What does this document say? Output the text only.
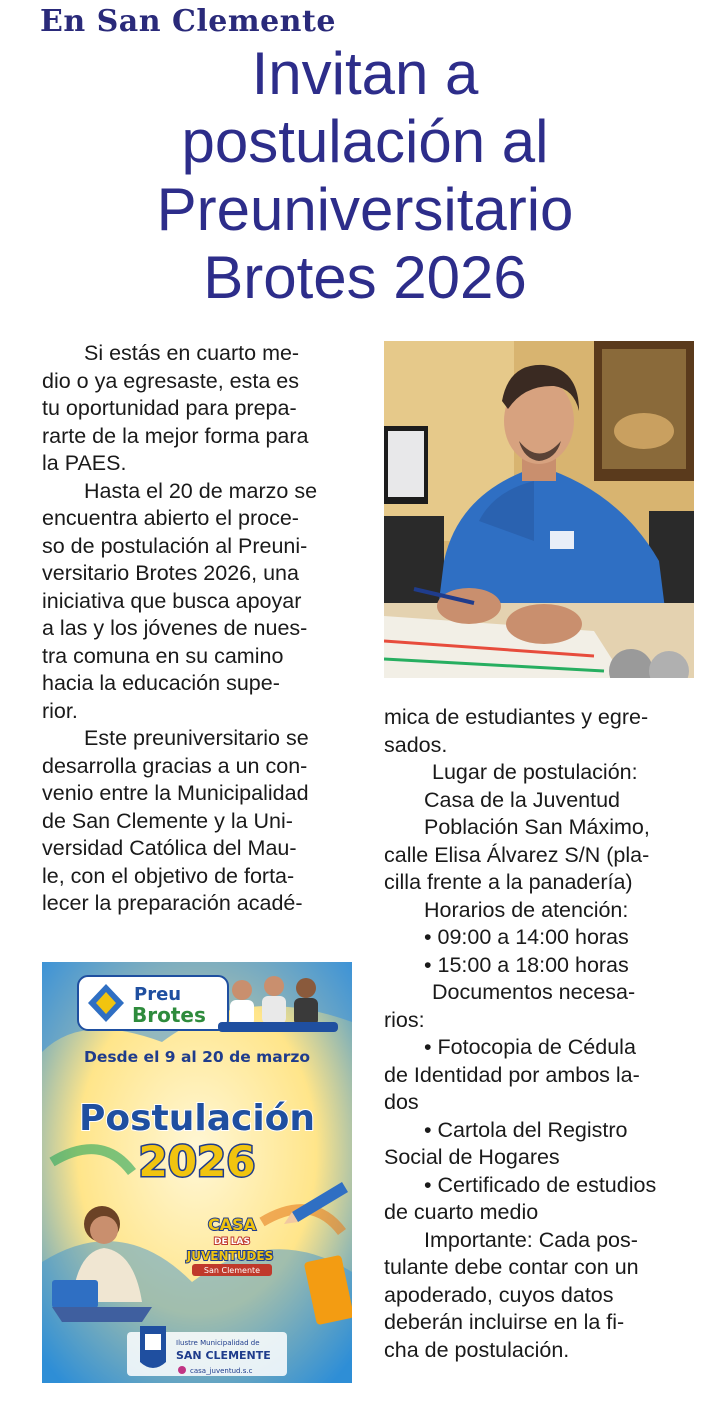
En San Clemente
Invitan a
postulación al
Preuniversitario
Brotes 2026

Si estás en cuarto me-
dio o ya egresaste, esta es
tu oportunidad para prepa-
rarte de la mejor forma para
la PAES.

Hasta el 20 de marzo se
encuentra abierto el proce-
so de postulación al Preuni-
versitario Brotes 2026, una
iniciativa que busca apoyar
a las y los jóvenes de nues-
tra comuna en su camino
hacia la educación supe-
rior.

Este preuniversitario se
desarrolla gracias a un con-
venio entre la Municipalidad
de San Clemente y la Uni-
versidad Católica del Mau-
le, con el objetivo de forta-
lecer la preparación acadé-

mica de estudiantes y egre-
sados.

Lugar de postulación:
Casa de la Juventud
Población San Máximo,
calle Elisa Álvarez S/N (pla-
cilla frente a la panadería)
Horarios de atención:
• 09:00 a 14:00 horas
• 15:00 a 18:00 horas

Documentos necesa-
rios:

• Fotocopia de Cédula
de Identidad por ambos la-
dos

• Cartola del Registro
Social de Hogares

• Certificado de estudios
de cuarto medio

Importante: Cada pos-
tulante debe contar con un
apoderado, cuyos datos
deberán incluirse en la fi-
cha de postulación.

Preu
Brotes
Desde el 9 al 20 de marzo
Postulación
2026
CASA
DE LAS
JUVENTUDES
San Clemente
Ilustre Municipalidad de
SAN CLEMENTE
casa_juventud.s.c
